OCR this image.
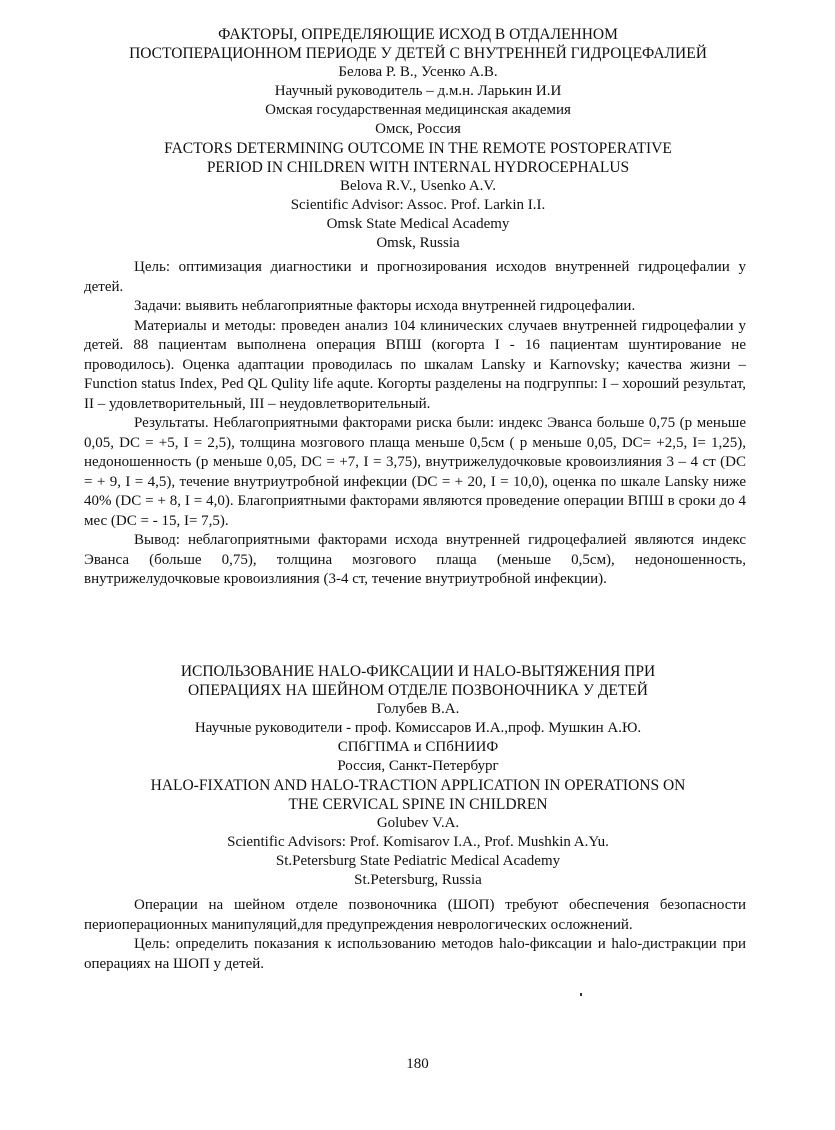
ФАКТОРЫ, ОПРЕДЕЛЯЮЩИЕ ИСХОД В ОТДАЛЕННОМ
ПОСТОПЕРАЦИОННОМ ПЕРИОДЕ У ДЕТЕЙ С ВНУТРЕННЕЙ ГИДРОЦЕФАЛИЕЙ
Белова Р. В., Усенко А.В.
Научный руководитель – д.м.н. Ларькин И.И
Омская государственная медицинская академия
Омск, Россия
FACTORS DETERMINING OUTCOME IN THE REMOTE POSTOPERATIVE
PERIOD IN CHILDREN WITH INTERNAL HYDROCEPHALUS
Belova R.V., Usenko A.V.
Scientific Advisor: Assoc. Prof. Larkin I.I.
Omsk State Medical Academy
Omsk, Russia

Цель: оптимизация диагностики и прогнозирования исходов внутренней гидроцефалии у детей.

Задачи: выявить неблагоприятные факторы исхода внутренней гидроцефалии.

Материалы и методы: проведен анализ 104 клинических случаев внутренней гидроцефалии у детей. 88 пациентам выполнена операция ВПШ (когорта I - 16 пациентам шунтирование не проводилось). Оценка адаптации проводилась по шкалам Lansky и Karnovsky; качества жизни – Function status Index, Ped QL Qulity life aqute. Когорты разделены на подгруппы: I – хороший результат, II – удовлетворительный, III – неудовлетворительный.

Результаты. Неблагоприятными факторами риска были: индекс Эванса больше 0,75 (р меньше 0,05, DC = +5, I = 2,5), толщина мозгового плаща меньше 0,5см ( р меньше 0,05, DC= +2,5, I= 1,25), недоношенность (р меньше 0,05, DC = +7, I = 3,75), внутрижелудочковые кровоизлияния 3 – 4 ст (DC = + 9, I = 4,5), течение внутриутробной инфекции (DC = + 20, I = 10,0), оценка по шкале Lansky ниже 40% (DC = + 8, I = 4,0). Благоприятными факторами являются проведение операции ВПШ в сроки до 4 мес (DC = - 15, I= 7,5).

Вывод: неблагоприятными факторами исхода внутренней гидроцефалией являются индекс Эванса (больше 0,75), толщина мозгового плаща (меньше 0,5см), недоношенность, внутрижелудочковые кровоизлияния (3-4 ст, течение внутриутробной инфекции).

ИСПОЛЬЗОВАНИЕ HALO-ФИКСАЦИИ И HALO-ВЫТЯЖЕНИЯ ПРИ
ОПЕРАЦИЯХ НА ШЕЙНОМ ОТДЕЛЕ ПОЗВОНОЧНИКА У ДЕТЕЙ
Голубев В.А.
Научные руководители - проф. Комиссаров И.А.,проф. Мушкин А.Ю.
СПбГПМА и СПбНИИФ
Россия, Санкт-Петербург
HALO-FIXATION AND HALO-TRACTION APPLICATION IN OPERATIONS ON
THE CERVICAL SPINE IN CHILDREN
Golubev V.A.
Scientific Advisors: Prof. Komisarov I.A., Prof. Mushkin A.Yu.
St.Petersburg State Pediatric Medical Academy
St.Petersburg, Russia

Операции на шейном отделе позвоночника (ШОП) требуют обеспечения безопасности периоперационных манипуляций,для предупреждения неврологических осложнений.

Цель: определить показания к использованию методов halo-фиксации и halo-дистракции при операциях на ШОП у детей.

180
